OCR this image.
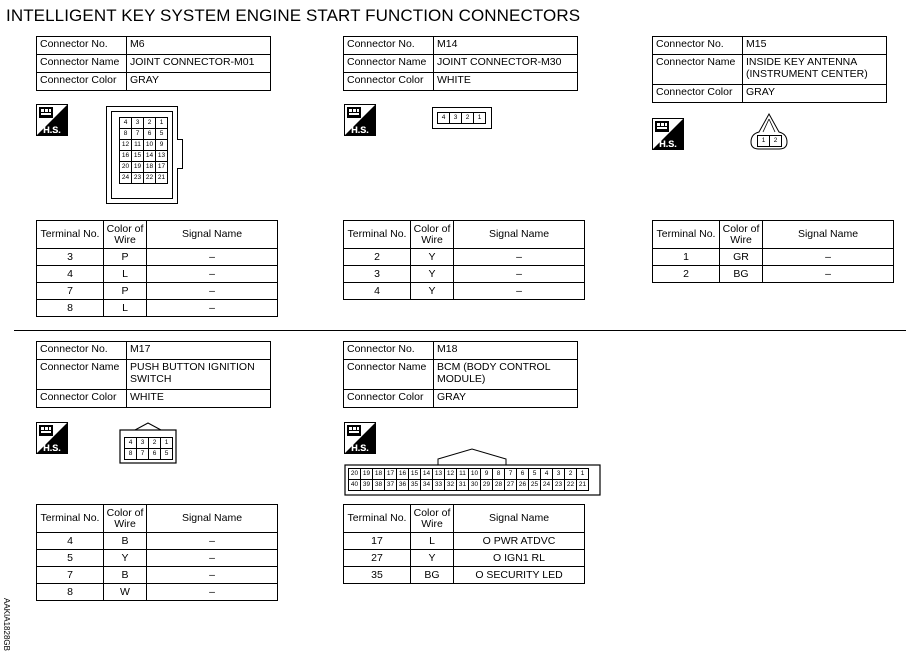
INTELLIGENT KEY SYSTEM ENGINE START FUNCTION CONNECTORS
AAKIA1828GB
Connector No.	M6
Connector Name	JOINT CONNECTOR-M01
Connector Color	GRAY
H.S.
4	3	2	1
8	7	6	5
12	11	10	9
16	15	14	13
20	19	18	17
24	23	22	21
Terminal No.	Color of Wire	Signal Name
3	P	–
4	L	–
7	P	–
8	L	–
Connector No.	M14
Connector Name	JOINT CONNECTOR-M30
Connector Color	WHITE
H.S.
4	3	2	1
Terminal No.	Color of Wire	Signal Name
2	Y	–
3	Y	–
4	Y	–
Connector No.	M15
Connector Name	INSIDE KEY ANTENNA (INSTRUMENT CENTER)
Connector Color	GRAY
H.S.	1	2
Terminal No.	Color of Wire	Signal Name
1	GR	–
2	BG	–
Connector No.	M17
Connector Name	PUSH BUTTON IGNITION SWITCH
Connector Color	WHITE
H.S.
4	3	2	1
8	7	6	5
Terminal No.	Color of Wire	Signal Name
4	B	–
5	Y	–
7	B	–
8	W	–
Connector No.	M18
Connector Name	BCM (BODY CONTROL MODULE)
Connector Color	GRAY
H.S.
20	19	18	17	16	15	14	13	12	11	10	9	8	7	6	5	4	3	2	1
40	39	38	37	36	35	34	33	32	31	30	29	28	27	26	25	24	23	22	21
Terminal No.	Color of Wire	Signal Name
17	L	O PWR ATDVC
27	Y	O IGN1 RL
35	BG	O SECURITY LED
